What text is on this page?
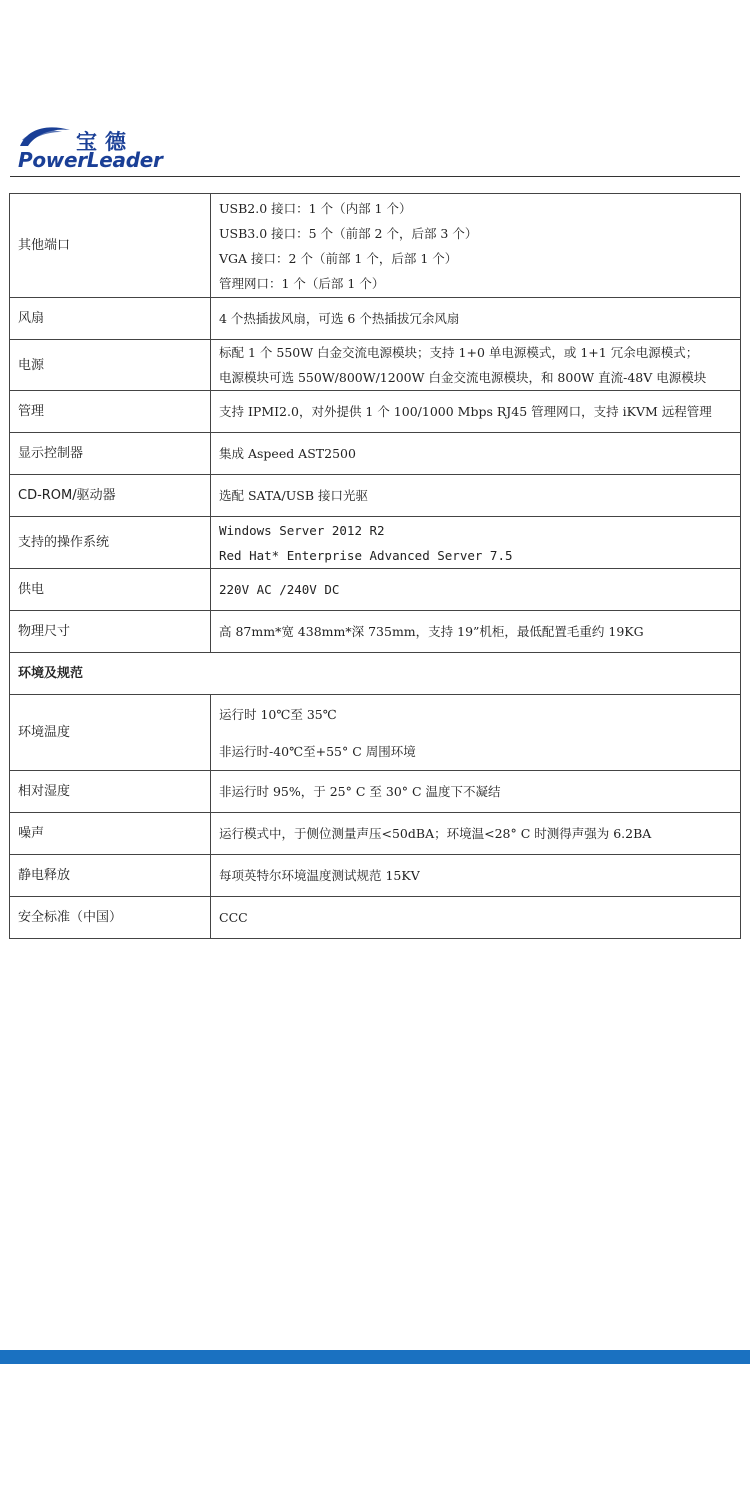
宝德
PowerLeader
其他端口	USB2.0 接口：1 个（内部 1 个）
USB3.0 接口：5 个（前部 2 个，后部 3 个）
VGA 接口：2 个（前部 1 个，后部 1 个）
管理网口：1 个（后部 1 个）

风扇	4 个热插拔风扇，可选 6 个热插拔冗余风扇
电源	标配 1 个 550W 白金交流电源模块；支持 1+0 单电源模式，或 1+1 冗余电源模式；
电源模块可选 550W/800W/1200W 白金交流电源模块，和 800W 直流-48V 电源模块

管理	支持 IPMI2.0，对外提供 1 个 100/1000 Mbps RJ45 管理网口，支持 iKVM 远程管理
显示控制器	集成 Aspeed AST2500
CD-ROM/驱动器	选配 SATA/USB 接口光驱
支持的操作系统	Windows Server 2012 R2
Red Hat* Enterprise Advanced Server 7.5

供电	220V AC /240V DC
物理尺寸	高 87mm*宽 438mm*深 735mm，支持 19”机柜，最低配置毛重约 19KG
环境及规范	
环境温度	运行时 10℃至 35℃
非运行时-40℃至+55° C 周围环境

相对湿度	非运行时 95%，于 25° C 至 30° C 温度下不凝结
噪声	运行模式中，于侧位测量声压<50dBA；环境温<28° C 时测得声强为 6.2BA
静电释放	每项英特尔环境温度测试规范 15KV
安全标准（中国）	CCC
